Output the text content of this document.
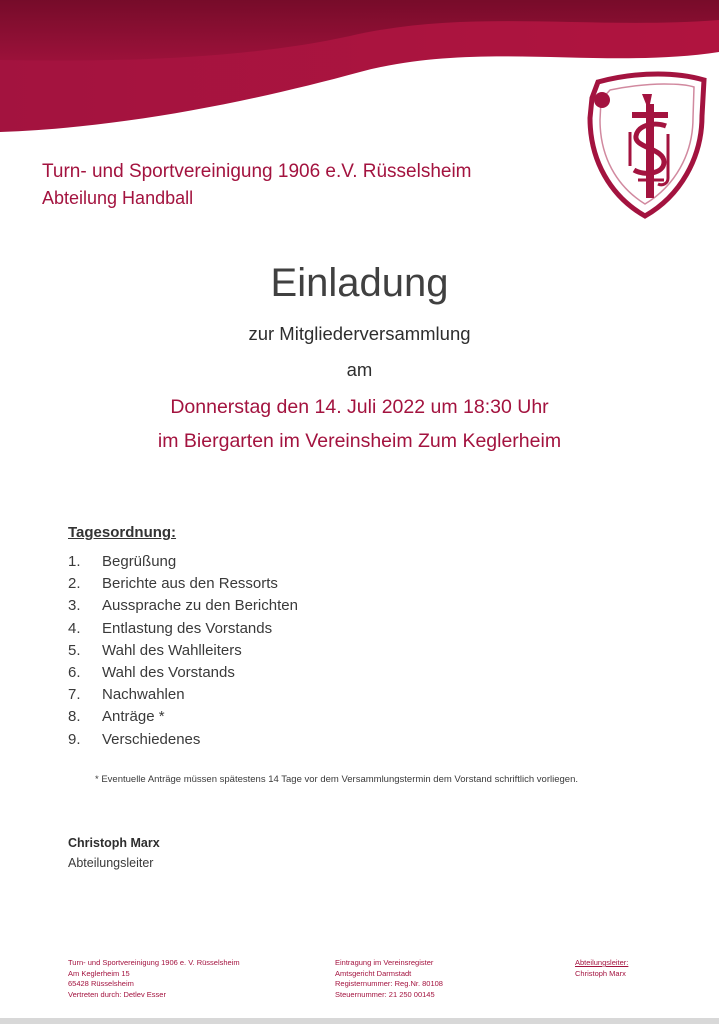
Turn- und Sportvereinigung 1906 e.V. Rüsselsheim
Abteilung Handball
Einladung
zur Mitgliederversammlung
am
Donnerstag den 14. Juli 2022 um 18:30 Uhr
im Biergarten im Vereinsheim Zum Keglerheim
Tagesordnung:
1. Begrüßung
2. Berichte aus den Ressorts
3. Aussprache zu den Berichten
4. Entlastung des Vorstands
5. Wahl des Wahlleiters
6. Wahl des Vorstands
7. Nachwahlen
8. Anträge *
9. Verschiedenes
* Eventuelle Anträge müssen spätestens 14 Tage vor dem Versammlungstermin dem Vorstand schriftlich vorliegen.
Christoph Marx
Abteilungsleiter
Turn- und Sportvereinigung 1906 e. V. Rüsselsheim
Am Keglerheim 15
65428 Rüsselsheim
Vertreten durch: Detlev Esser
Eintragung im Vereinsregister
Amtsgericht Darmstadt
Registernummer: Reg.Nr. 80108
Steuernummer: 21 250 00145
Abteilungsleiter:
Christoph Marx
